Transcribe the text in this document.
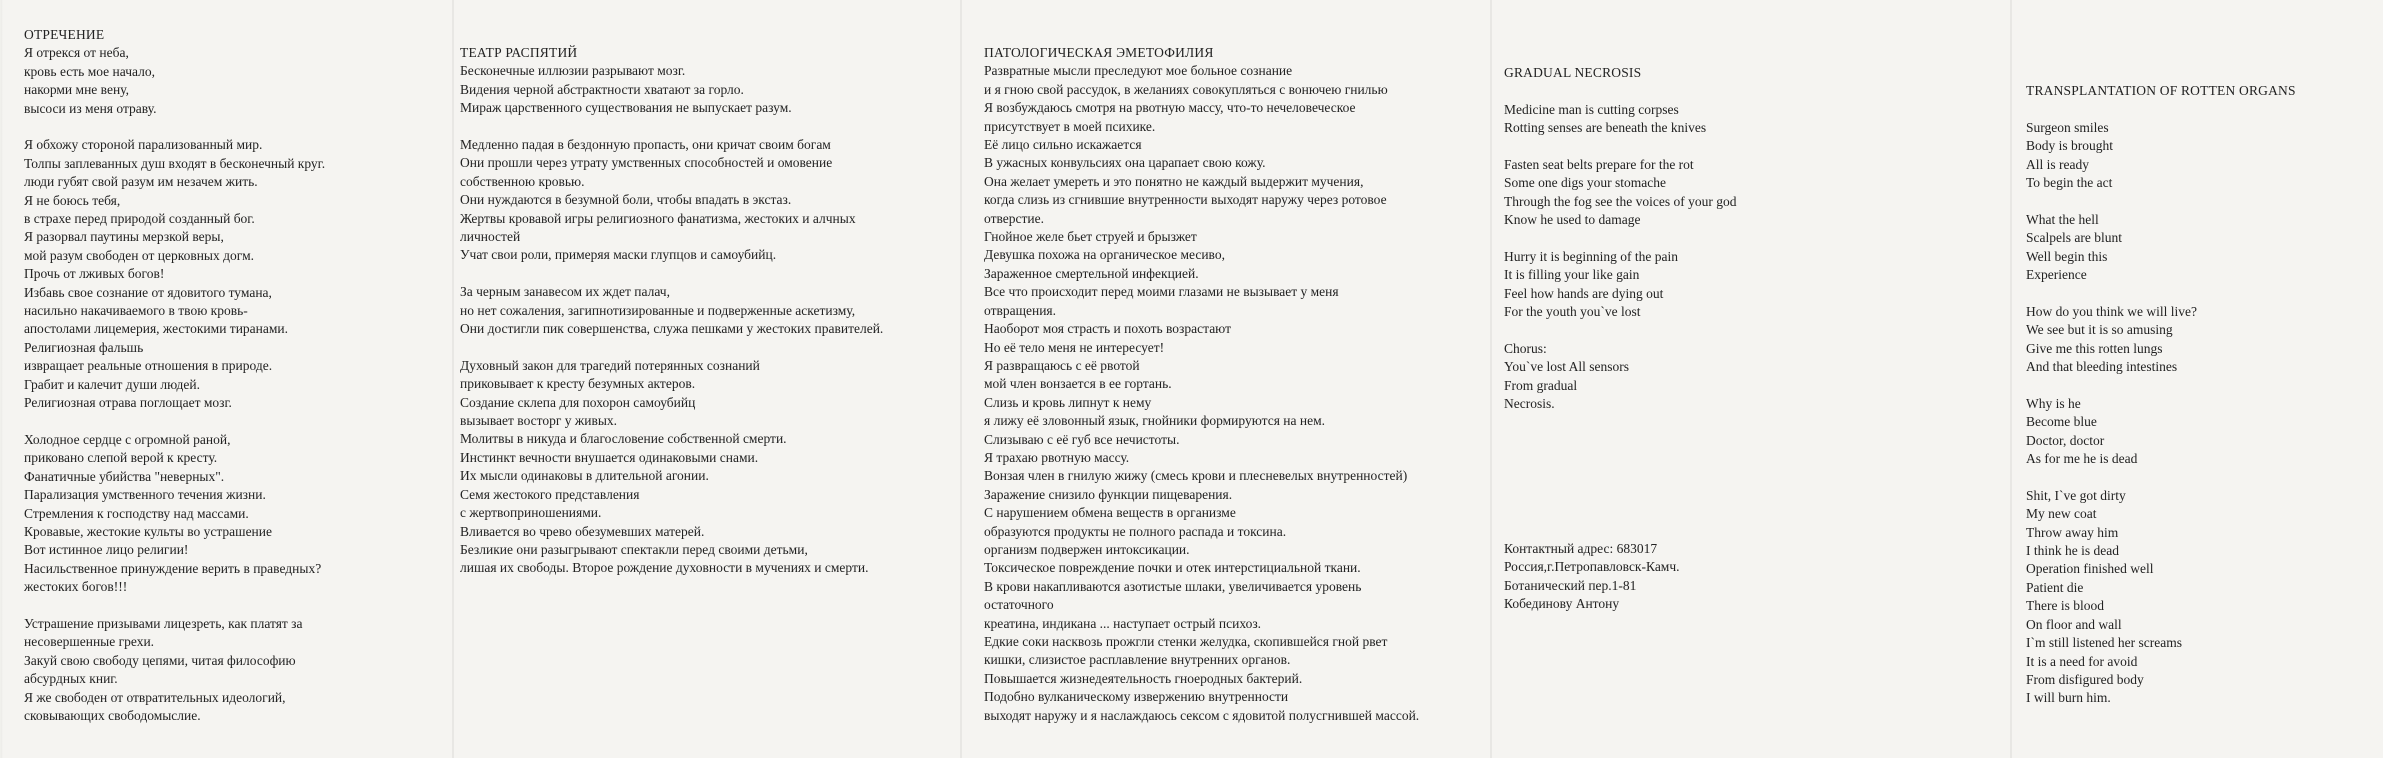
ОТРЕЧЕНИЕ
Я отрекся от неба,
кровь есть мое начало,
накорми мне вену,
высоси из меня отраву.
Я обхожу стороной парализованный мир.
Толпы заплеванных душ входят в бесконечный круг.
люди губят свой разум им незачем жить.
Я не боюсь тебя,
в страхе перед природой созданный бог.
Я разорвал паутины мерзкой веры,
мой разум свободен от церковных догм.
Прочь от лживых богов!
Избавь свое сознание от ядовитого тумана,
насильно накачиваемого в твою кровь-
апостолами лицемерия, жестокими тиранами.
Религиозная фальшь
извращает реальные отношения в природе.
Грабит и калечит души людей.
Религиозная отрава поглощает мозг.
Холодное сердце с огромной раной,
приковано слепой верой к кресту.
Фанатичные убийства "неверных".
Парализация умственного течения жизни.
Стремления к господству над массами.
Кровавые, жестокие культы во устрашение
Вот истинное лицо религии!
Насильственное принуждение верить в праведных?
жестоких богов!!!
Устрашение призывами лицезреть, как платят за
несовершенные грехи.
Закуй свою свободу цепями, читая философию
абсурдных книг.
Я же свободен от отвратительных идеологий,
сковывающих свободомыслие.
ТЕАТР РАСПЯТИЙ
Бесконечные иллюзии разрывают мозг.
Видения черной абстрактности хватают за горло.
Мираж царственного существования не выпускает разум.
Медленно падая в бездонную пропасть, они кричат своим богам
Они прошли через утрату умственных способностей и омовение
собственною кровью.
Они нуждаются в безумной боли, чтобы впадать в экстаз.
Жертвы кровавой игры религиозного фанатизма, жестоких и алчных
личностей
Учат свои роли, примеряя маски глупцов и самоубийц.
За черным занавесом их ждет палач,
но нет сожаления, загипнотизированные и подверженные аскетизму,
Они достигли пик совершенства, служа пешками у жестоких правителей.
Духовный закон для трагедий потерянных сознаний
приковывает к кресту безумных актеров.
Создание склепа для похорон самоубийц
вызывает восторг у живых.
Молитвы в никуда и благословение собственной смерти.
Инстинкт вечности внушается одинаковыми снами.
Их мысли одинаковы в длительной агонии.
Семя жестокого представления
с жертвоприношениями.
Вливается во чрево обезумевших матерей.
Безликие они разыгрывают спектакли перед своими детьми,
лишая их свободы. Второе рождение духовности в мучениях и смерти.
ПАТОЛОГИЧЕСКАЯ ЭМЕТОФИЛИЯ
Развратные мысли преследуют мое больное сознание
и я гною свой рассудок, в желаниях совокупляться с вонючею гнилью
Я возбуждаюсь смотря на рвотную массу, что-то нечеловеческое
присутствует в моей психике.
Её лицо сильно искажается
В ужасных конвульсиях она царапает свою кожу.
Она желает умереть и это понятно не каждый выдержит мучения,
когда слизь из сгнившие внутренности выходят наружу через ротовое
отверстие.
Гнойное желе бьет струей и брызжет
Девушка похожа на органическое месиво,
Зараженное смертельной инфекцией.
Все что происходит перед моими глазами не вызывает у меня
отвращения.
Наоборот моя страсть и похоть возрастают
Но её тело меня не интересует!
Я развращаюсь с её рвотой
мой член вонзается в ее гортань.
Слизь и кровь липнут к нему
я лижу её зловонный язык, гнойники формируются на нем.
Слизываю с её губ все нечистоты.
Я трахаю рвотную массу.
Вонзая член в гнилую жижу (смесь крови и плесневелых внутренностей)
Заражение снизило функции пищеварения.
С нарушением обмена веществ в организме
образуются продукты не полного распада и токсина.
организм подвержен интоксикации.
Токсическое повреждение почки и отек интерстициальной ткани.
В крови накапливаются азотистые шлаки, увеличивается уровень
остаточного
креатина, индикана ... наступает острый психоз.
Едкие соки насквозь прожгли стенки желудка, скопившейся гной рвет
кишки, слизистое расплавление внутренних органов.
Повышается жизнедеятельность гноеродных бактерий.
Подобно вулканическому извержению внутренности
выходят наружу и я наслаждаюсь сексом с ядовитой полусгнившей массой.
GRADUAL NECROSIS
Medicine man is cutting corpses
Rotting senses are beneath the knives
Fasten seat belts prepare for the rot
Some one digs your stomache
Through the fog see the voices of your god
Know he used to damage
Hurry it is beginning of the pain
It is filling your like gain
Feel how hands are dying out
For the youth you`ve lost
Chorus:
You`ve lost All sensors
From gradual
Necrosis.
TRANSPLANTATION OF ROTTEN ORGANS
Surgeon smiles
Body is brought
All is ready
To begin the act
What the hell
Scalpels are blunt
Well begin this
Experience
How do you think we will live?
We see but it is so amusing
Give me this rotten lungs
And that bleeding intestines
Why is he
Become blue
Doctor, doctor
As for me he is dead
Shit, I`ve got dirty
My new coat
Throw away him
I think he is dead
Operation finished well
Patient die
There is blood
On floor and wall
I`m still listened her screams
It is a need for avoid
From disfigured body
I will burn him.
Контактный адрес: 683017
Россия,г.Петропавловск-Камч.
Ботанический пер.1-81
Кобединову Антону
